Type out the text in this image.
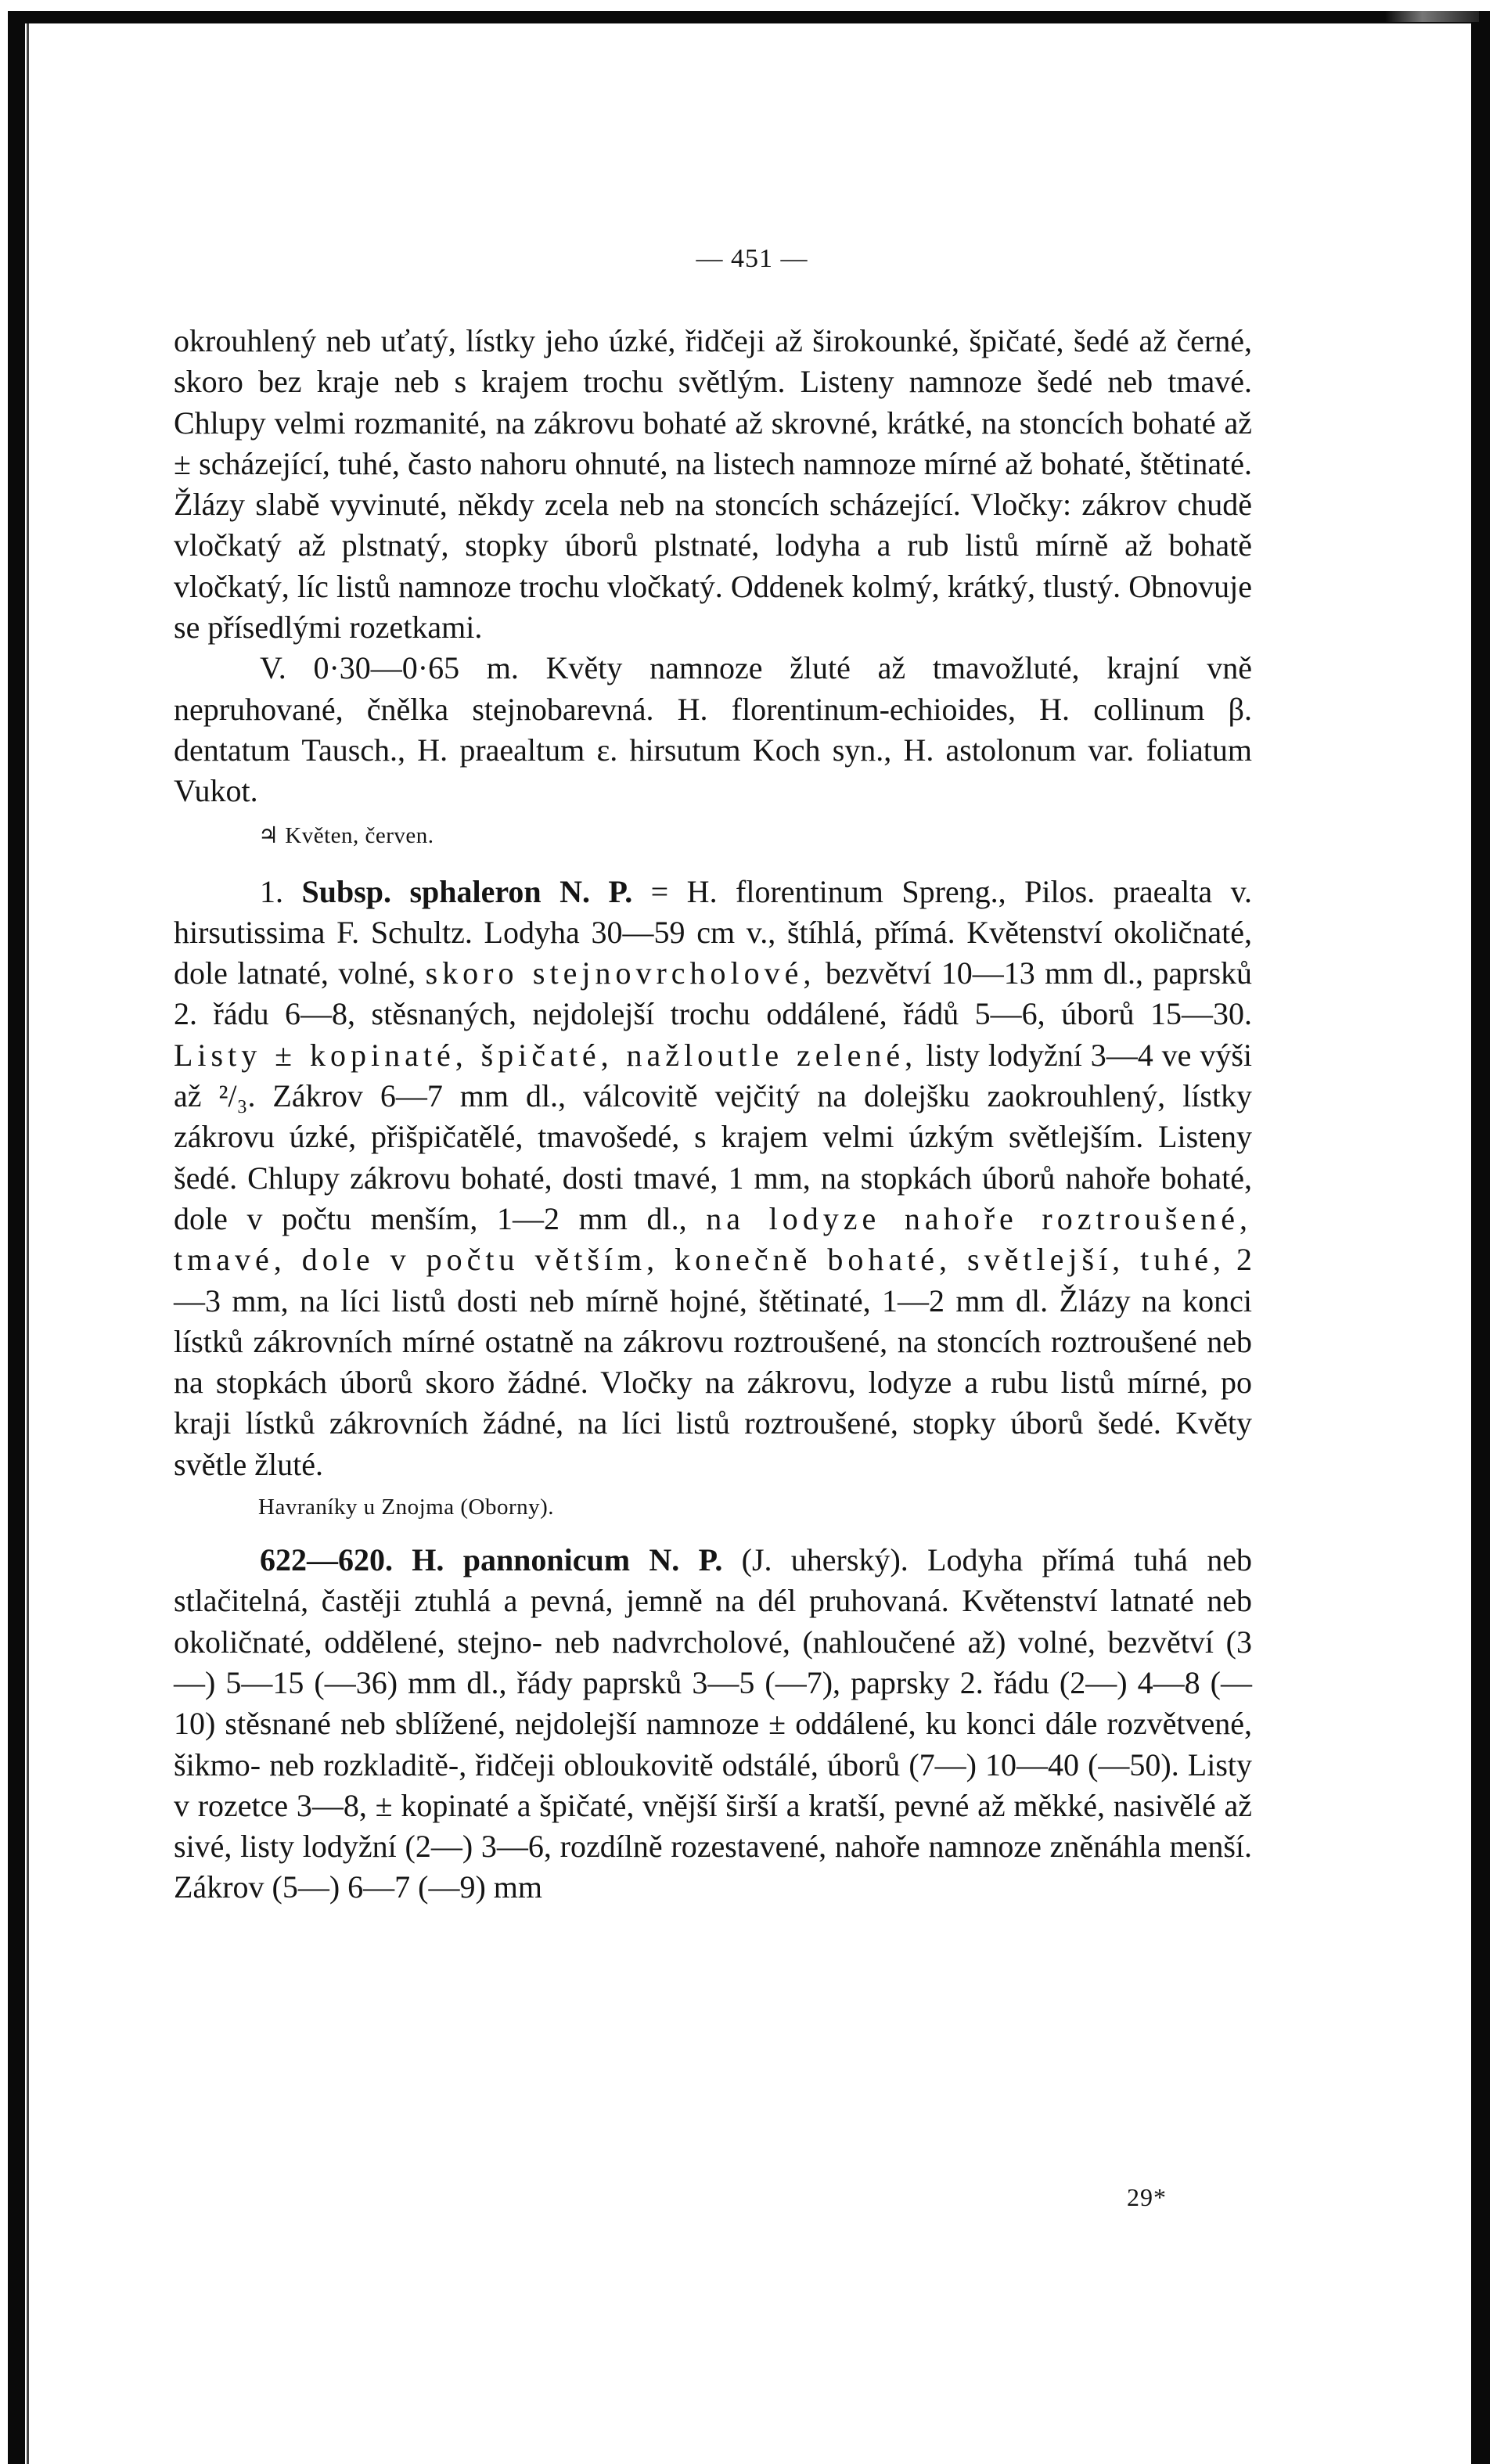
— 451 —

okrouhlený neb uťatý, lístky jeho úzké, řidčeji až širokounké, špičaté, šedé až černé, skoro bez kraje neb s krajem trochu světlým. Listeny namnoze šedé neb tmavé. Chlupy velmi rozmanité, na zákrovu bohaté až skrovné, krátké, na stoncích bohaté až ± scházející, tuhé, často nahoru ohnuté, na listech namnoze mírné až bohaté, štětinaté. Žlázy slabě vyvinuté, někdy zcela neb na stoncích scházející. Vločky: zákrov chudě vločkatý až plstnatý, stopky úborů plstnaté, lodyha a rub listů mírně až bohatě vločkatý, líc listů namnoze trochu vločkatý. Oddenek kolmý, krátký, tlustý. Obnovuje se přísedlými rozetkami.

V. 0·30—0·65 m. Květy namnoze žluté až tmavožluté, krajní vně nepruhované, čnělka stejnobarevná. H. florentinum-echioides, H. collinum β. dentatum Tausch., H. praealtum ε. hirsutum Koch syn., H. astolonum var. foliatum Vukot.

♃ Květen, červen.

1. Subsp. sphaleron N. P. = H. florentinum Spreng., Pilos. praealta v. hirsutissima F. Schultz. Lodyha 30—59 cm v., štíhlá, přímá. Květenství okoličnaté, dole latnaté, volné, skoro stejnovrcholové, bezvětví 10—13 mm dl., paprsků 2. řádu 6—8, stěsnaných, nejdolejší trochu oddálené, řádů 5—6, úborů 15—30. Listy ± kopinaté, špičaté, nažloutle zelené, listy lodyžní 3—4 ve výši až ²/₃. Zákrov 6—7 mm dl., válcovitě vejčitý na dolejšku zaokrouhlený, lístky zákrovu úzké, přišpičatělé, tmavošedé, s krajem velmi úzkým světlejším. Listeny šedé. Chlupy zákrovu bohaté, dosti tmavé, 1 mm, na stopkách úborů nahoře bohaté, dole v počtu menším, 1—2 mm dl., na lodyze nahoře roztroušené, tmavé, dole v počtu větším, konečně bohaté, světlejší, tuhé, 2—3 mm, na líci listů dosti neb mírně hojné, štětinaté, 1—2 mm dl. Žlázy na konci lístků zákrovních mírné ostatně na zákrovu roztroušené, na stoncích roztroušené neb na stopkách úborů skoro žádné. Vločky na zákrovu, lodyze a rubu listů mírné, po kraji lístků zákrovních žádné, na líci listů roztroušené, stopky úborů šedé. Květy světle žluté.

Havraníky u Znojma (Oborny).

622—620. H. pannonicum N. P. (J. uherský). Lodyha přímá tuhá neb stlačitelná, častěji ztuhlá a pevná, jemně na dél pruhovaná. Květenství latnaté neb okoličnaté, oddělené, stejno- neb nadvrcholové, (nahloučené až) volné, bezvětví (3—) 5—15 (—36) mm dl., řády paprsků 3—5 (—7), paprsky 2. řádu (2—) 4—8 (—10) stěsnané neb sblížené, nejdolejší namnoze ± oddálené, ku konci dále rozvětvené, šikmo- neb rozkladitě-, řidčeji obloukovitě odstálé, úborů (7—) 10—40 (—50). Listy v rozetce 3—8, ± kopinaté a špičaté, vnější širší a kratší, pevné až měkké, nasivělé až sivé, listy lodyžní (2—) 3—6, rozdílně rozestavené, nahoře namnoze zněnáhla menší. Zákrov (5—) 6—7 (—9) mm

29*
